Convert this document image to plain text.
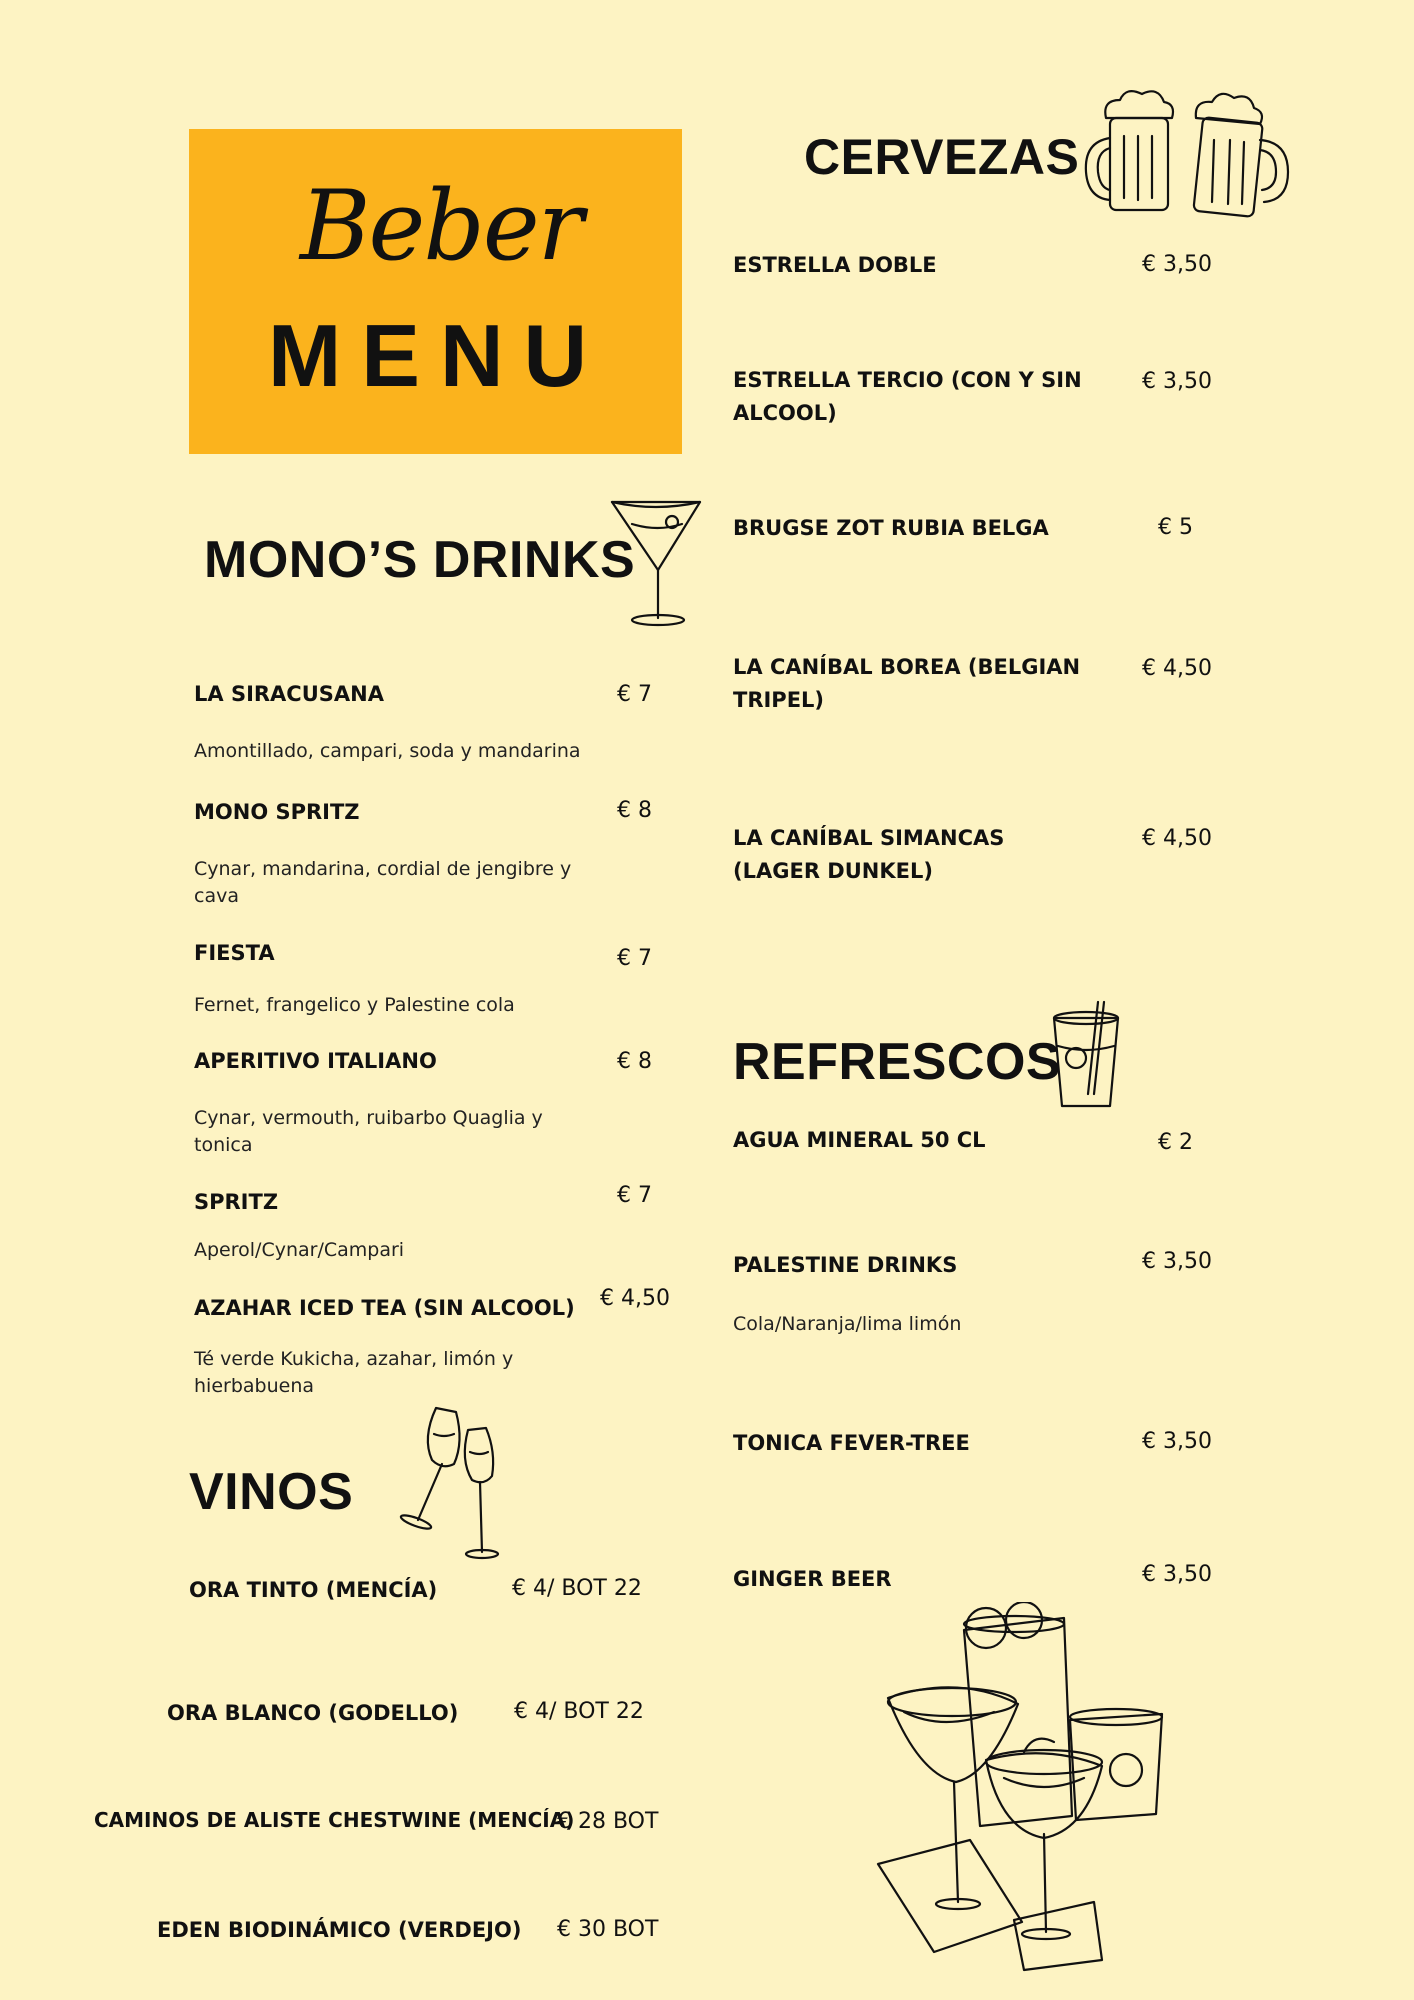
Beber
MENU
CERVEZAS
ESTRELLA DOBLE	€ 3,50
ESTRELLA TERCIO (CON Y SIN ALCOOL)
€ 3,50
BRUGSE ZOT RUBIA BELGA	€ 5
LA CANÍBAL BOREA (BELGIAN TRIPEL)
€ 4,50
LA CANÍBAL SIMANCAS (LAGER DUNKEL)
€ 4,50
MONO’S DRINKS
LA SIRACUSANA	€ 7
Amontillado, campari, soda y mandarina
MONO SPRITZ	€ 8
Cynar, mandarina, cordial de jengibre y cava
FIESTA	€ 7
Fernet, frangelico y Palestine cola
APERITIVO ITALIANO	€ 8
Cynar, vermouth, ruibarbo Quaglia y tonica
SPRITZ	€ 7
Aperol/Cynar/Campari
AZAHAR ICED TEA (SIN ALCOOL) € 4,50
Té verde Kukicha, azahar, limón y hierbabuena
REFRESCOS
AGUA MINERAL 50 CL	€ 2
PALESTINE DRINKS	€ 3,50
Cola/Naranja/lima limón
TONICA FEVER-TREE	€ 3,50
GINGER BEER	€ 3,50
VINOS
ORA TINTO (MENCÍA)	€ 4/ BOT 22
ORA BLANCO (GODELLO)	€ 4/ BOT 22
CAMINOS DE ALISTE CHESTWINE (MENCÍA)
€ 28 BOT
EDEN BIODINÁMICO (VERDEJO) € 30 BOT
